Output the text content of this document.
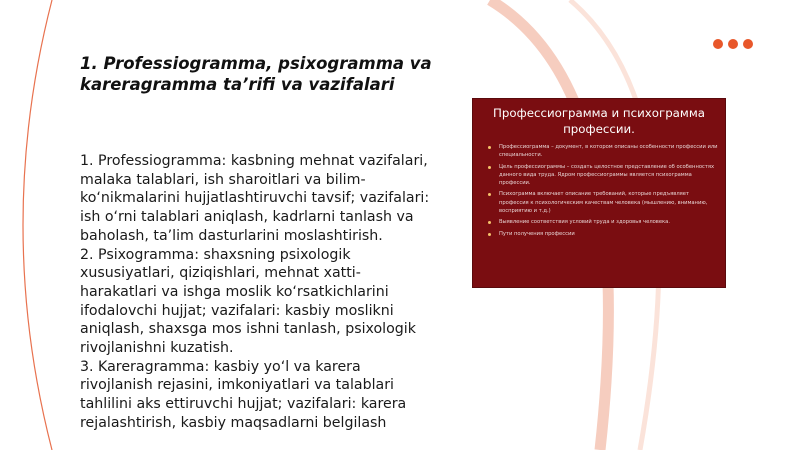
1. Professiogramma, psixogramma va kareragramma ta’rifi va vazifalari

1. Professiogramma: kasbning mehnat vazifalari, malaka talablari, ish sharoitlari va bilim-ko‘nikmalarini hujjatlashtiruvchi tavsif; vazifalari: ish o‘rni talablari aniqlash, kadrlarni tanlash va baholash, ta’lim dasturlarini moslashtirish.

2. Psixogramma: shaxsning psixologik xususiyatlari, qiziqishlari, mehnat xatti-harakatlari va ishga moslik ko‘rsatkichlarini ifodalovchi hujjat; vazifalari: kasbiy moslikni aniqlash, shaxsga mos ishni tanlash, psixologik rivojlanishni kuzatish.

3. Kareragramma: kasbiy yo‘l va karera rivojlanish rejasini, imkoniyatlari va talablari tahlilini aks ettiruvchi hujjat; vazifalari: karera rejalashtirish, kasbiy maqsadlarni belgilash

Профессиограмма и психограмма профессии.

Профессиограмма – документ, в котором описаны особенности профессии или специальности.
Цель профессиограммы – создать целостное представление об особенностях данного вида труда. Ядром профессиограммы является психограмма профессии.
Психограмма включает описание требований, которые предъявляет профессия к психологическим качествам человека (мышлению, вниманию, восприятию и т.д.)
Выявление соответствия условий труда и здоровья человека.
Пути получения профессии
